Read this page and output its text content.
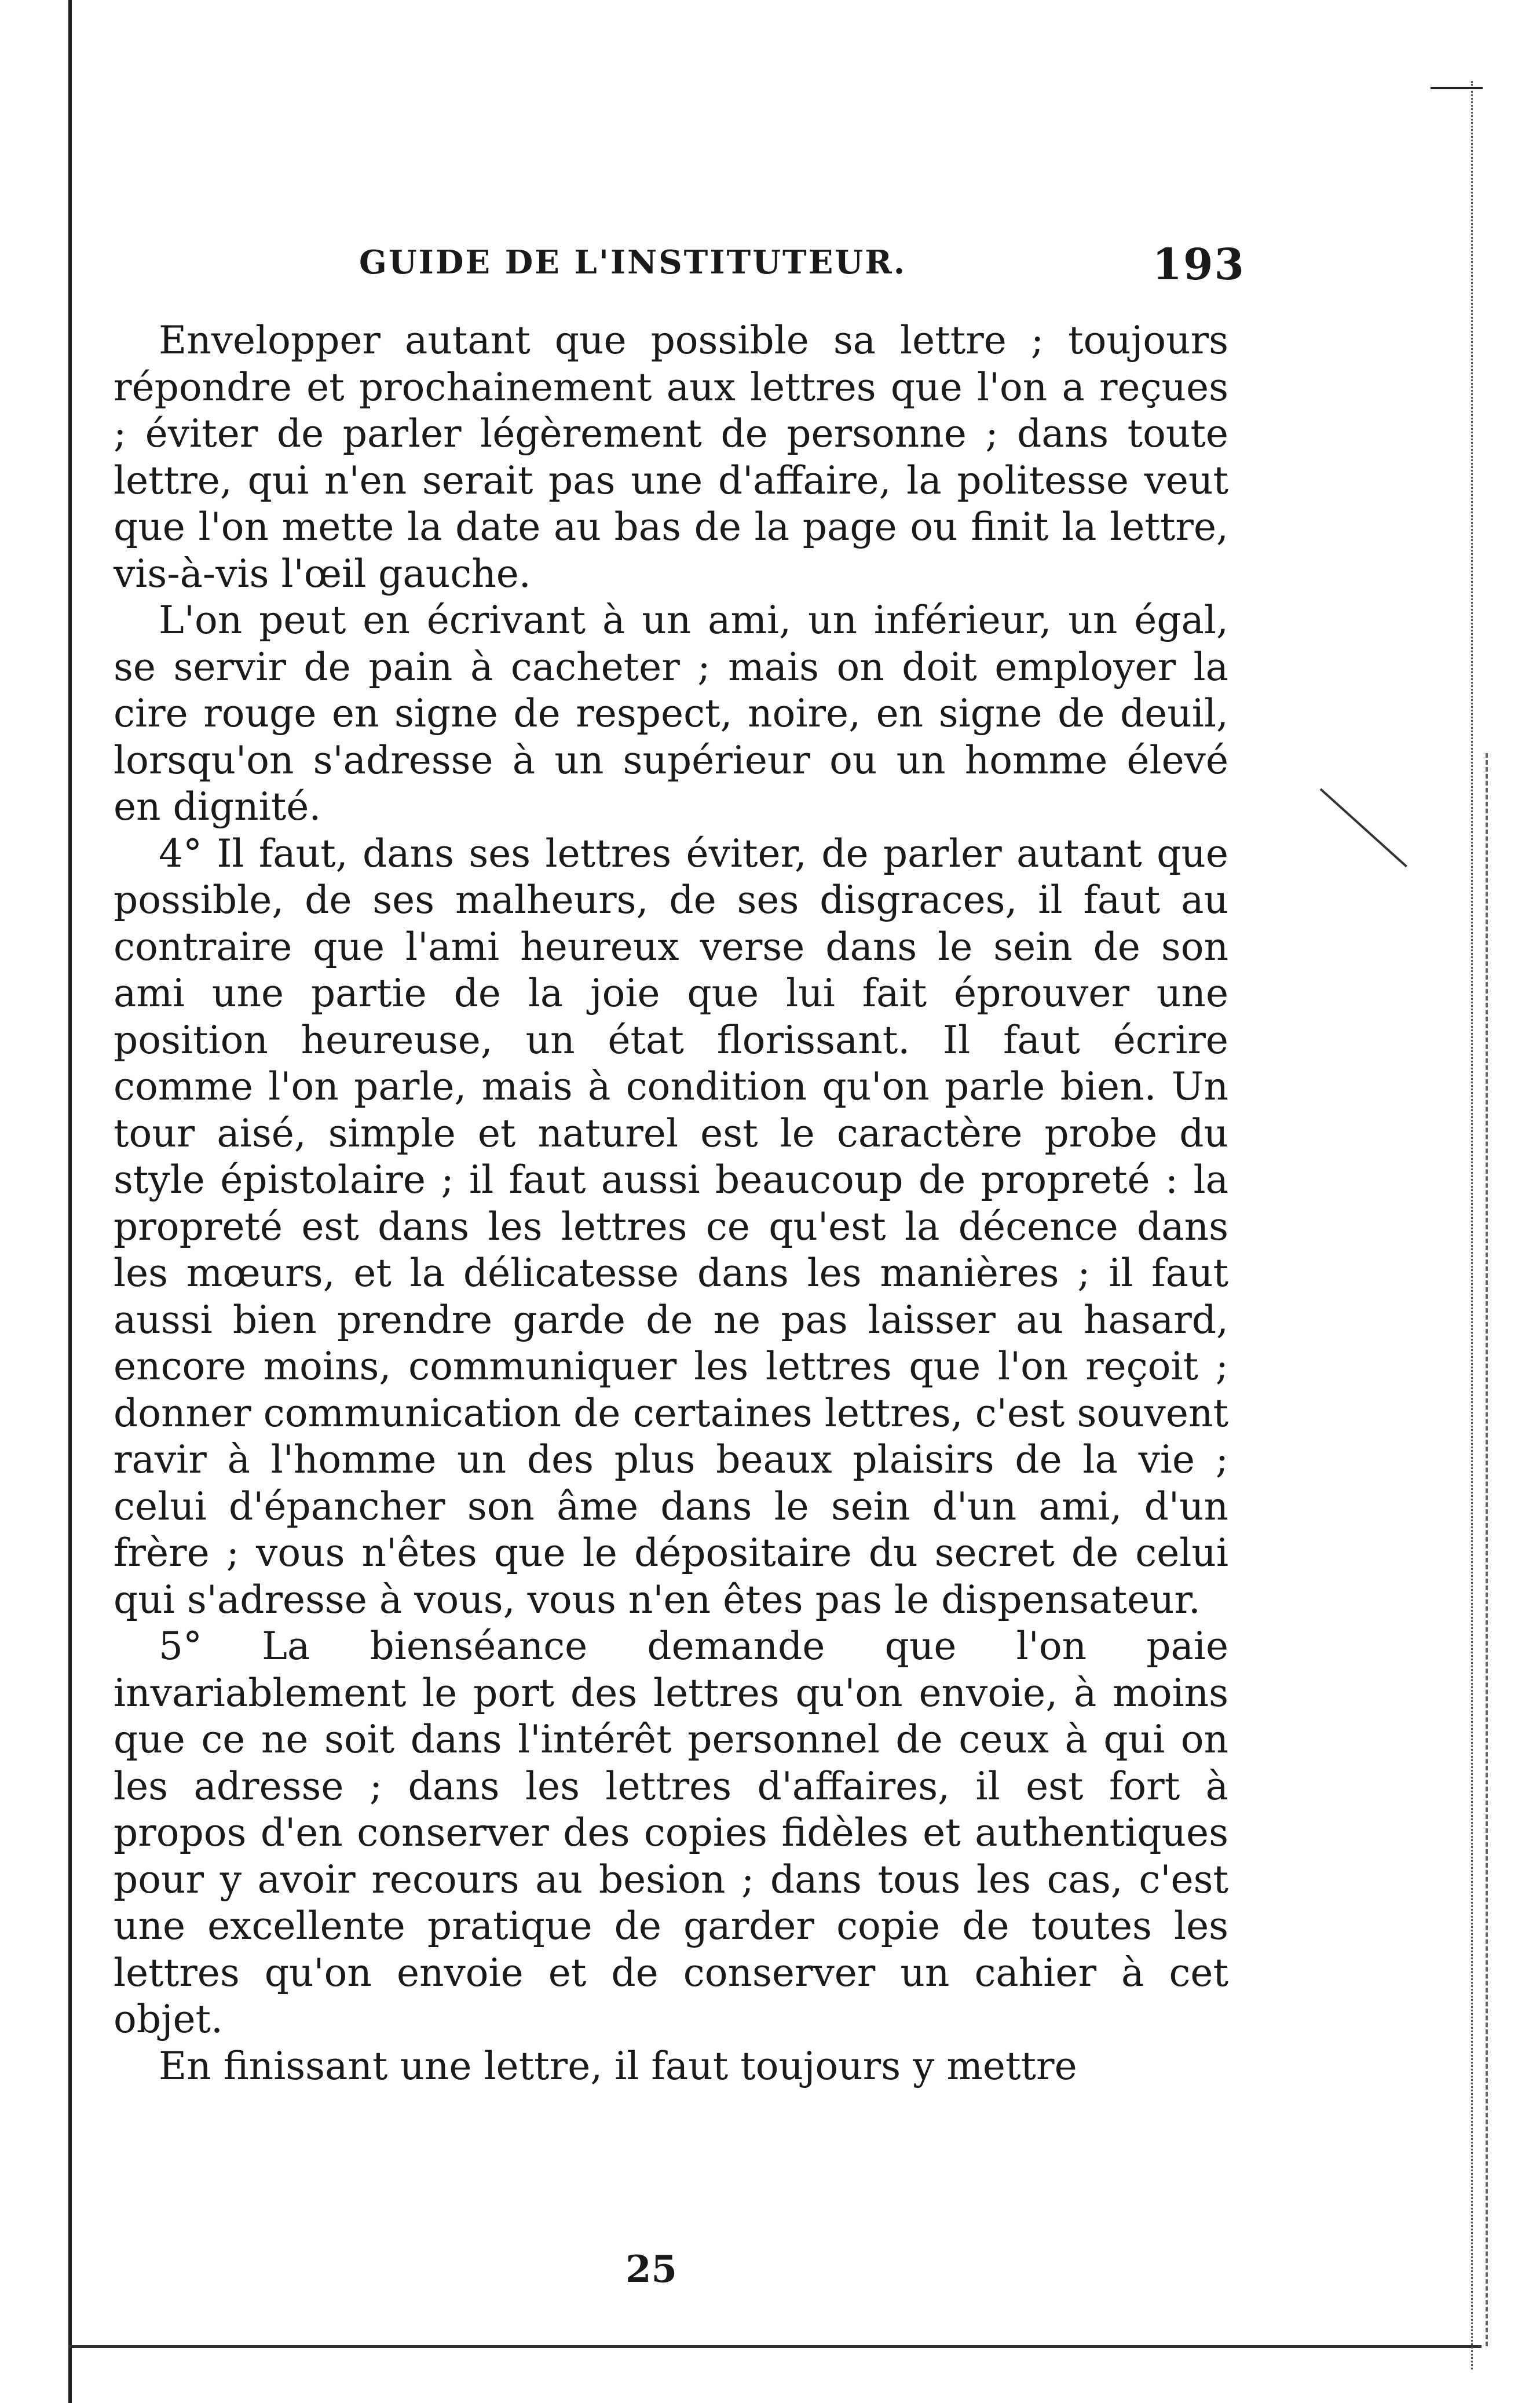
GUIDE DE L'INSTITUTEUR.	193

Envelopper autant que possible sa lettre ; toujours répondre et prochainement aux lettres que l'on a reçues ; éviter de parler légèrement de personne ; dans toute lettre, qui n'en serait pas une d'affaire, la politesse veut que l'on mette la date au bas de la page ou finit la lettre, vis-à-vis l'œil gauche.

L'on peut en écrivant à un ami, un inférieur, un égal, se servir de pain à cacheter ; mais on doit employer la cire rouge en signe de respect, noire, en signe de deuil, lorsqu'on s'adresse à un supérieur ou un homme élevé en dignité.

4° Il faut, dans ses lettres éviter, de parler autant que possible, de ses malheurs, de ses disgraces, il faut au contraire que l'ami heureux verse dans le sein de son ami une partie de la joie que lui fait éprouver une position heureuse, un état florissant. Il faut écrire comme l'on parle, mais à condition qu'on parle bien. Un tour aisé, simple et naturel est le caractère probe du style épistolaire ; il faut aussi beaucoup de propreté : la propreté est dans les lettres ce qu'est la décence dans les mœurs, et la délicatesse dans les manières ; il faut aussi bien prendre garde de ne pas laisser au hasard, encore moins, communiquer les lettres que l'on reçoit ; donner communication de certaines lettres, c'est souvent ravir à l'homme un des plus beaux plaisirs de la vie ; celui d'épancher son âme dans le sein d'un ami, d'un frère ; vous n'êtes que le dépositaire du secret de celui qui s'adresse à vous, vous n'en êtes pas le dispensateur.

5° La bienséance demande que l'on paie invariablement le port des lettres qu'on envoie, à moins que ce ne soit dans l'intérêt personnel de ceux à qui on les adresse ; dans les lettres d'affaires, il est fort à propos d'en conserver des copies fidèles et authentiques pour y avoir recours au besion ; dans tous les cas, c'est une excellente pratique de garder copie de toutes les lettres qu'on envoie et de conserver un cahier à cet objet.

En finissant une lettre, il faut toujours y mettre

25
